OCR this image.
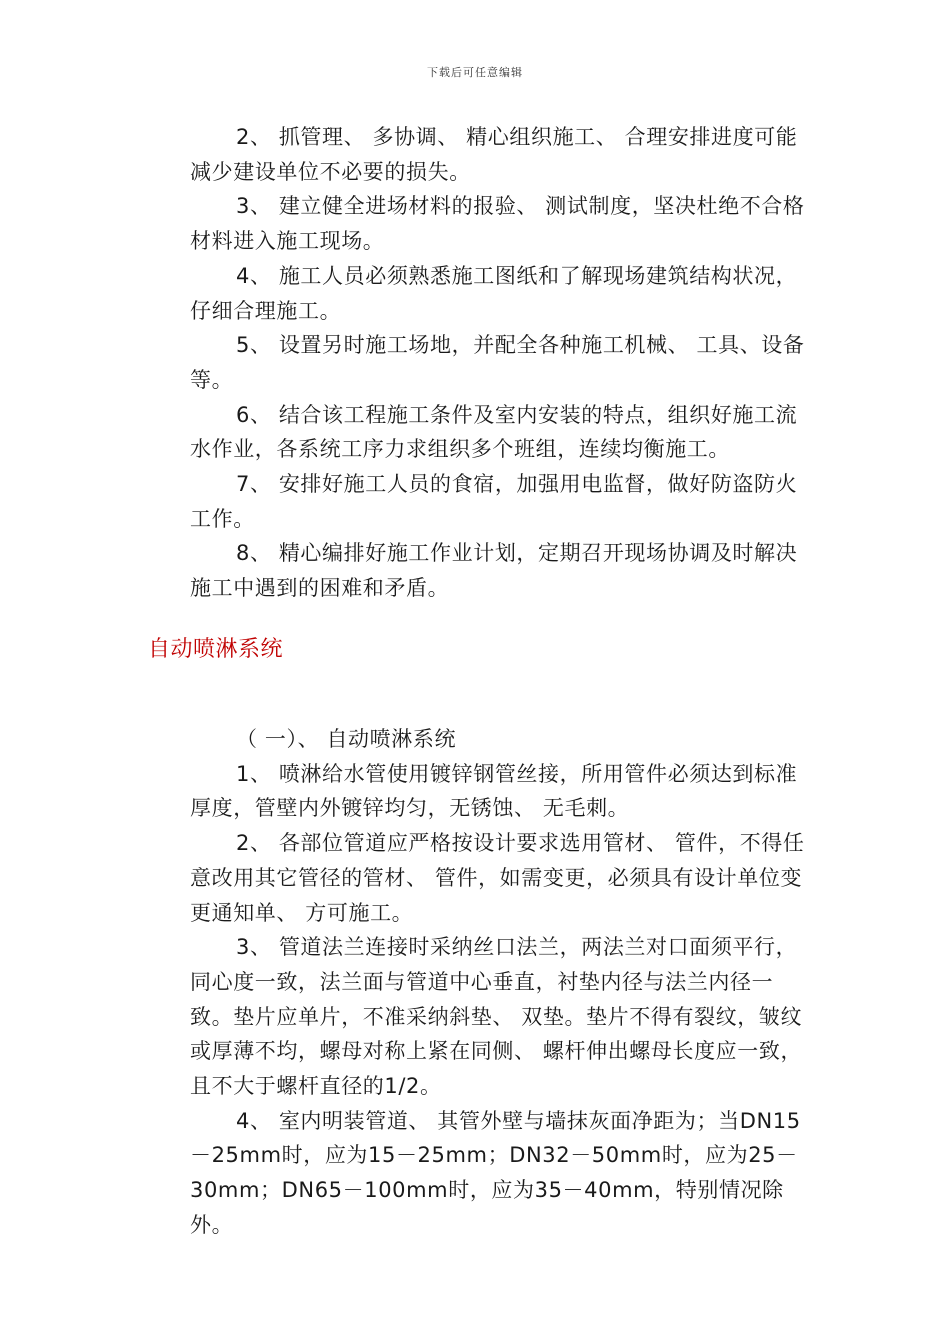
下载后可任意编辑

2、 抓管理、 多协调、 精心组织施工、 合理安排进度可能减少建设单位不必要的损失。

3、 建立健全进场材料的报验、 测试制度，坚决杜绝不合格材料进入施工现场。

4、 施工人员必须熟悉施工图纸和了解现场建筑结构状况，仔细合理施工。

5、 设置另时施工场地，并配全各种施工机械、 工具、设备等。

6、 结合该工程施工条件及室内安装的特点，组织好施工流水作业，各系统工序力求组织多个班组，连续均衡施工。

7、 安排好施工人员的食宿，加强用电监督，做好防盗防火工作。

8、 精心编排好施工作业计划，定期召开现场协调及时解决施工中遇到的困难和矛盾。

自动喷淋系统

（ 一）、 自动喷淋系统

1、 喷淋给水管使用镀锌钢管丝接，所用管件必须达到标准厚度，管壁内外镀锌均匀，无锈蚀、 无毛刺。

2、 各部位管道应严格按设计要求选用管材、 管件，不得任意改用其它管径的管材、 管件，如需变更，必须具有设计单位变更通知单、 方可施工。

3、 管道法兰连接时采纳丝口法兰，两法兰对口面须平行，同心度一致，法兰面与管道中心垂直，衬垫内径与法兰内径一致。垫片应单片，不准采纳斜垫、 双垫。垫片不得有裂纹，皱纹或厚薄不均，螺母对称上紧在同侧、 螺杆伸出螺母长度应一致，且不大于螺杆直径的1/2。

4、 室内明装管道、 其管外壁与墙抹灰面净距为；当DN15－25mm时，应为15－25mm；DN32－50mm时，应为25－30mm；DN65－100mm时，应为35－40mm，特别情况除外。
